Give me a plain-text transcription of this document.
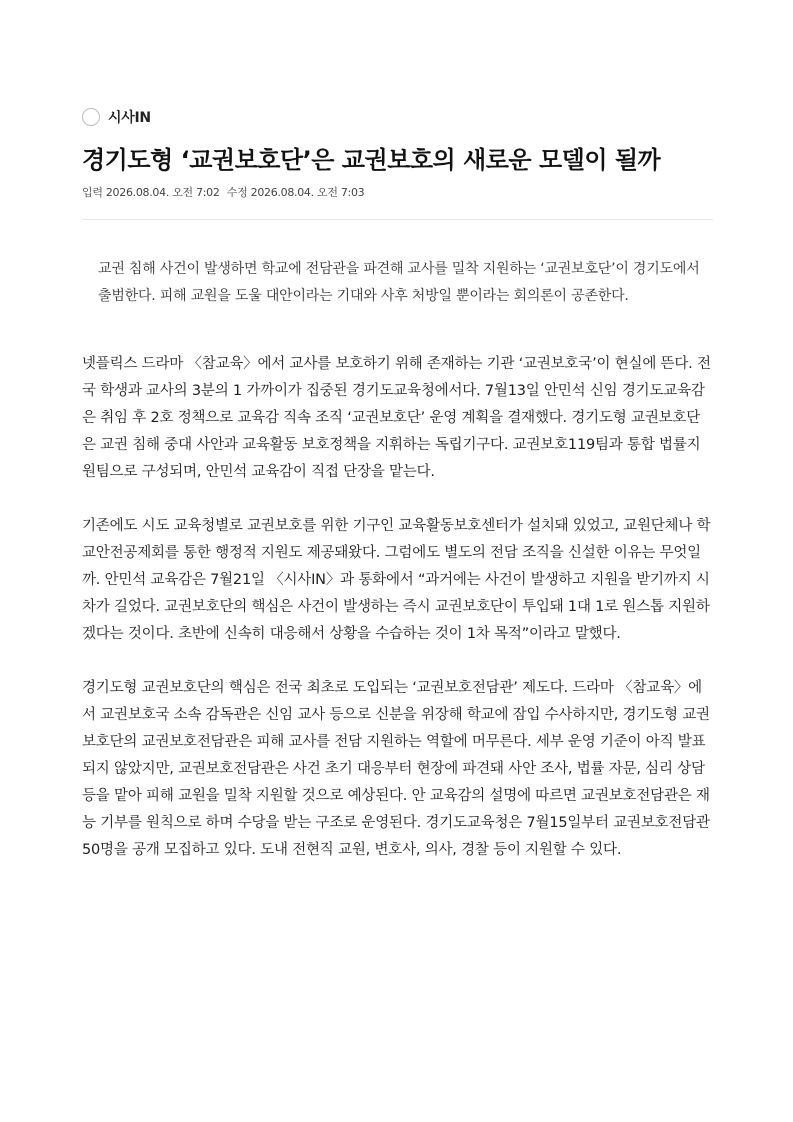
시사IN
경기도형 ‘교권보호단’은 교권보호의 새로운 모델이 될까
입력 2026.08.04. 오전 7:02 수정 2026.08.04. 오전 7:03

교권 침해 사건이 발생하면 학교에 전담관을 파견해 교사를 밀착 지원하는 ‘교권보호단’이 경기도에서 출범한다. 피해 교원을 도울 대안이라는 기대와 사후 처방일 뿐이라는 회의론이 공존한다.

넷플릭스 드라마 〈참교육〉에서 교사를 보호하기 위해 존재하는 기관 ‘교권보호국’이 현실에 뜬다. 전국 학생과 교사의 3분의 1 가까이가 집중된 경기도교육청에서다. 7월13일 안민석 신임 경기도교육감은 취임 후 2호 정책으로 교육감 직속 조직 ‘교권보호단’ 운영 계획을 결재했다. 경기도형 교권보호단은 교권 침해 중대 사안과 교육활동 보호정책을 지휘하는 독립기구다. 교권보호119팀과 통합 법률지원팀으로 구성되며, 안민석 교육감이 직접 단장을 맡는다.

기존에도 시도 교육청별로 교권보호를 위한 기구인 교육활동보호센터가 설치돼 있었고, 교원단체나 학교안전공제회를 통한 행정적 지원도 제공돼왔다. 그럼에도 별도의 전담 조직을 신설한 이유는 무엇일까. 안민석 교육감은 7월21일 〈시사IN〉과 통화에서 “과거에는 사건이 발생하고 지원을 받기까지 시차가 길었다. 교권보호단의 핵심은 사건이 발생하는 즉시 교권보호단이 투입돼 1대 1로 원스톱 지원하겠다는 것이다. 초반에 신속히 대응해서 상황을 수습하는 것이 1차 목적”이라고 말했다.

경기도형 교권보호단의 핵심은 전국 최초로 도입되는 ‘교권보호전담관’ 제도다. 드라마 〈참교육〉에서 교권보호국 소속 감독관은 신임 교사 등으로 신분을 위장해 학교에 잠입 수사하지만, 경기도형 교권보호단의 교권보호전담관은 피해 교사를 전담 지원하는 역할에 머무른다. 세부 운영 기준이 아직 발표되지 않았지만, 교권보호전담관은 사건 초기 대응부터 현장에 파견돼 사안 조사, 법률 자문, 심리 상담 등을 맡아 피해 교원을 밀착 지원할 것으로 예상된다. 안 교육감의 설명에 따르면 교권보호전담관은 재능 기부를 원칙으로 하며 수당을 받는 구조로 운영된다. 경기도교육청은 7월15일부터 교권보호전담관 50명을 공개 모집하고 있다. 도내 전현직 교원, 변호사, 의사, 경찰 등이 지원할 수 있다.
